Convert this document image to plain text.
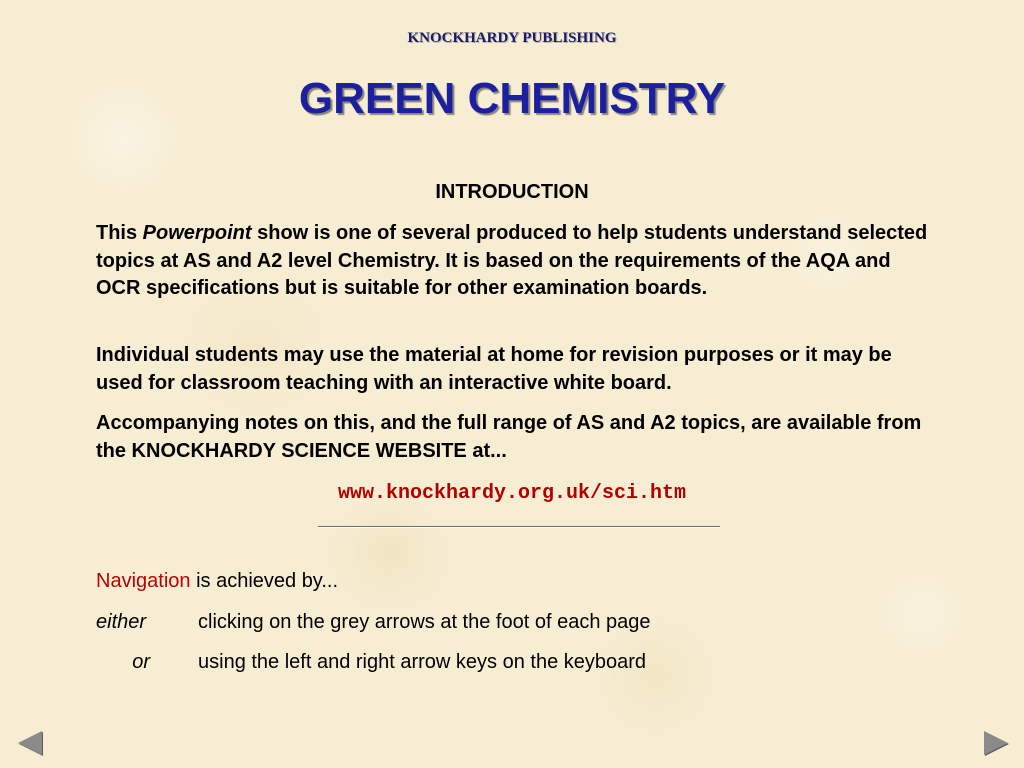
KNOCKHARDY PUBLISHING
GREEN CHEMISTRY
INTRODUCTION
This Powerpoint show is one of several produced to help students understand selected topics at AS and A2 level Chemistry. It is based on the requirements of the AQA and OCR specifications but is suitable for other examination boards.
Individual students may use the material at home for revision purposes or it may be used for classroom teaching with an interactive white board.
Accompanying notes on this, and the full range of AS and A2 topics, are available from the KNOCKHARDY SCIENCE WEBSITE at...
www.knockhardy.org.uk/sci.htm
Navigation is achieved by...
either	clicking on the grey arrows at the foot of each page
or using the left and right arrow keys on the keyboard
